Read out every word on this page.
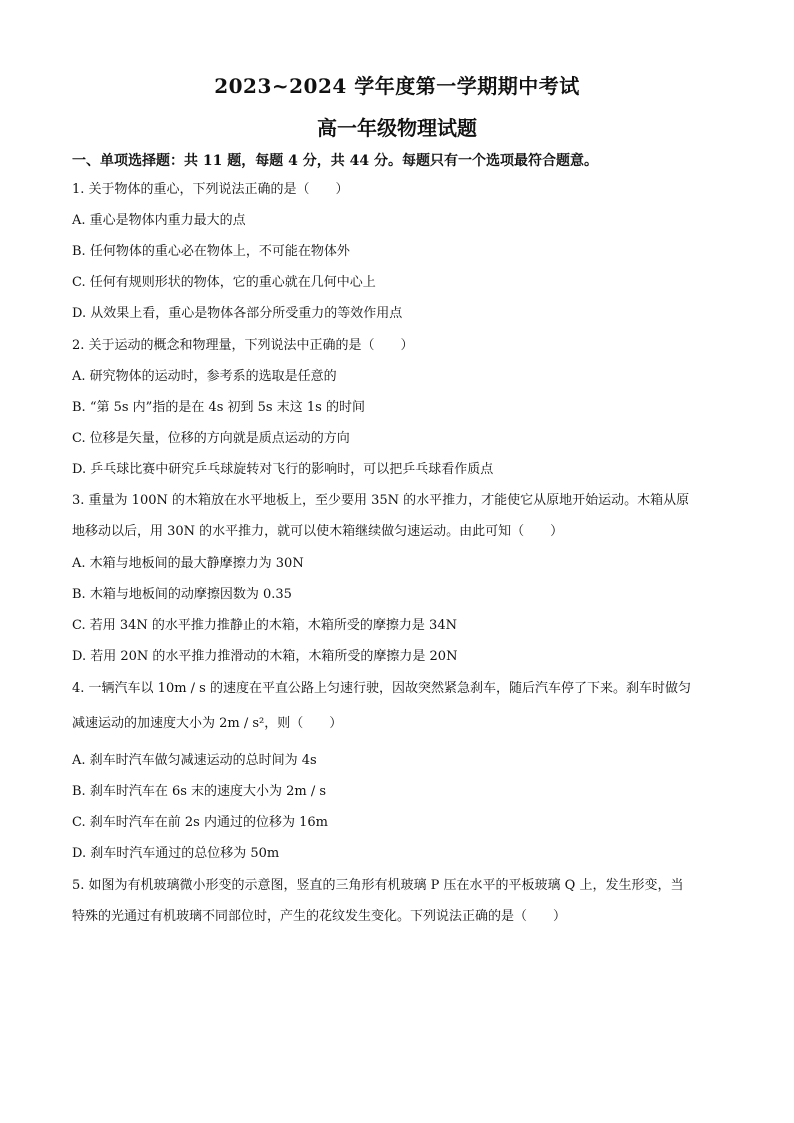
2023~2024 学年度第一学期期中考试
高一年级物理试题
一、单项选择题：共 11 题，每题 4 分，共 44 分。每题只有一个选项最符合题意。
1. 关于物体的重心，下列说法正确的是（　　）
A. 重心是物体内重力最大的点
B. 任何物体的重心必在物体上，不可能在物体外
C. 任何有规则形状的物体，它的重心就在几何中心上
D. 从效果上看，重心是物体各部分所受重力的等效作用点
2. 关于运动的概念和物理量，下列说法中正确的是（　　）
A. 研究物体的运动时，参考系的选取是任意的
B. “第 5s 内”指的是在 4s 初到 5s 末这 1s 的时间
C. 位移是矢量，位移的方向就是质点运动的方向
D. 乒乓球比赛中研究乒乓球旋转对飞行的影响时，可以把乒乓球看作质点
3. 重量为 100N 的木箱放在水平地板上，至少要用 35N 的水平推力，才能使它从原地开始运动。木箱从原
地移动以后，用 30N 的水平推力，就可以使木箱继续做匀速运动。由此可知（　　）
A. 木箱与地板间的最大静摩擦力为 30N
B. 木箱与地板间的动摩擦因数为 0.35
C. 若用 34N 的水平推力推静止的木箱，木箱所受的摩擦力是 34N
D. 若用 20N 的水平推力推滑动的木箱，木箱所受的摩擦力是 20N
4. 一辆汽车以 10m / s 的速度在平直公路上匀速行驶，因故突然紧急刹车，随后汽车停了下来。刹车时做匀
减速运动的加速度大小为 2m / s²，则（　　）
A. 刹车时汽车做匀减速运动的总时间为 4s
B. 刹车时汽车在 6s 末的速度大小为 2m / s
C. 刹车时汽车在前 2s 内通过的位移为 16m
D. 刹车时汽车通过的总位移为 50m
5. 如图为有机玻璃微小形变的示意图，竖直的三角形有机玻璃 P 压在水平的平板玻璃 Q 上，发生形变，当
特殊的光通过有机玻璃不同部位时，产生的花纹发生变化。下列说法正确的是（　　）
